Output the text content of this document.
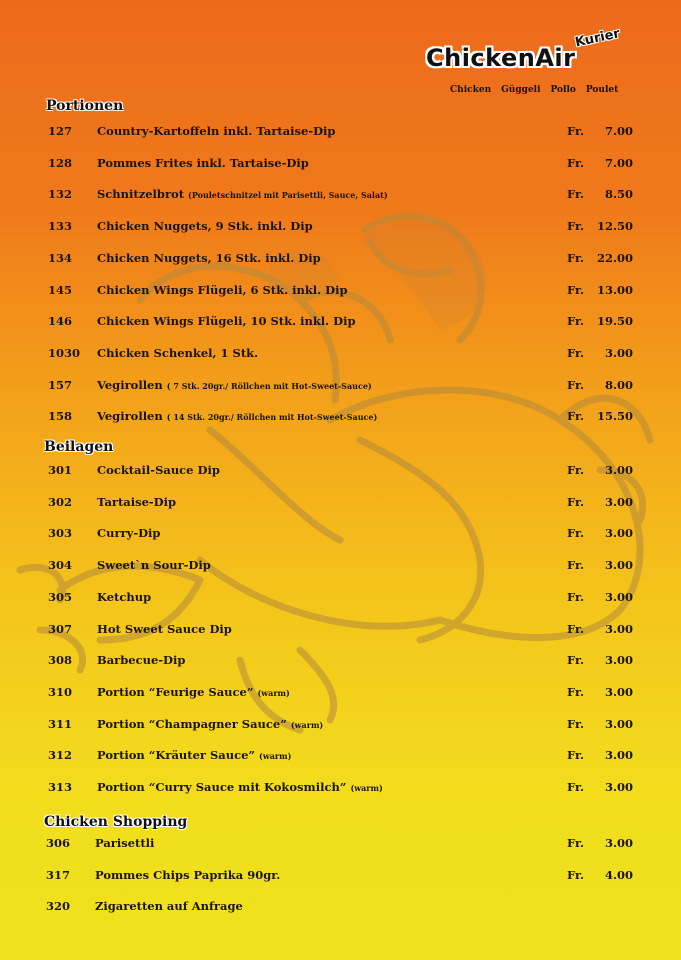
Kurier
ChickenAir
Chicken Güggeli Pollo Poulet
Portionen
127 Country-Kartoffeln inkl. Tartaise-Dip	Fr. 7.00
128 Pommes Frites inkl. Tartaise-Dip	Fr. 7.00
132 Schnitzelbrot (Pouletschnitzel mit Parisettli, Sauce, Salat)	Fr. 8.50
133 Chicken Nuggets, 9 Stk. inkl. Dip	Fr. 12.50
134 Chicken Nuggets, 16 Stk. inkl. Dip	Fr. 22.00
145 Chicken Wings Flügeli, 6 Stk. inkl. Dip	Fr. 13.00
146 Chicken Wings Flügeli, 10 Stk. inkl. Dip	Fr. 19.50
1030 Chicken Schenkel, 1 Stk.	Fr. 3.00
157 Vegirollen ( 7 Stk. 20gr./ Röllchen mit Hot-Sweet-Sauce)	Fr. 8.00
158 Vegirollen ( 14 Stk. 20gr./ Röllchen mit Hot-Sweet-Sauce)	Fr. 15.50
Beilagen
301 Cocktail-Sauce Dip	Fr. 3.00
302 Tartaise-Dip	Fr. 3.00
303 Curry-Dip	Fr. 3.00
304 Sweet`n Sour-Dip	Fr. 3.00
305 Ketchup	Fr. 3.00
307 Hot Sweet Sauce Dip	Fr. 3.00
308 Barbecue-Dip	Fr. 3.00
310 Portion “Feurige Sauce” (warm)	Fr. 3.00
311 Portion “Champagner Sauce” (warm)	Fr. 3.00
312 Portion “Kräuter Sauce” (warm)	Fr. 3.00
313 Portion “Curry Sauce mit Kokosmilch” (warm)	Fr. 3.00
Chicken Shopping
306 Parisettli	Fr. 3.00
317 Pommes Chips Paprika 90gr.	Fr. 4.00
320 Zigaretten auf Anfrage
